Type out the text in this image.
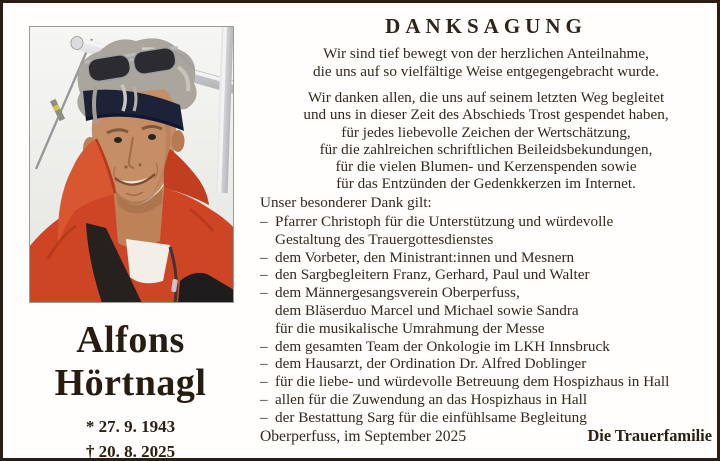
Alfons
Hörtnagl
* 27. 9. 1943
† 20. 8. 2025
DANKSAGUNG
Wir sind tief bewegt von der herzlichen Anteilnahme,
die uns auf so vielfältige Weise entgegengebracht wurde.
Wir danken allen, die uns auf seinem letzten Weg begleitet
und uns in dieser Zeit des Abschieds Trost gespendet haben,
für jedes liebevolle Zeichen der Wertschätzung,
für die zahlreichen schriftlichen Beileidsbekundungen,
für die vielen Blumen- und Kerzenspenden sowie
für das Entzünden der Gedenkkerzen im Internet.
Unser besonderer Dank gilt:
– Pfarrer Christoph für die Unterstützung und würdevolle
Gestaltung des Trauergottesdienstes
– dem Vorbeter, den Ministrant:innen und Mesnern
– den Sargbegleitern Franz, Gerhard, Paul und Walter
– dem Männergesangsverein Oberperfuss,
dem Bläserduo Marcel und Michael sowie Sandra
für die musikalische Umrahmung der Messe
– dem gesamten Team der Onkologie im LKH Innsbruck
– dem Hausarzt, der Ordination Dr. Alfred Doblinger
– für die liebe- und würdevolle Betreuung dem Hospizhaus in Hall
– allen für die Zuwendung an das Hospizhaus in Hall
– der Bestattung Sarg für die einfühlsame Begleitung
Oberperfuss, im September 2025	Die Trauerfamilie
